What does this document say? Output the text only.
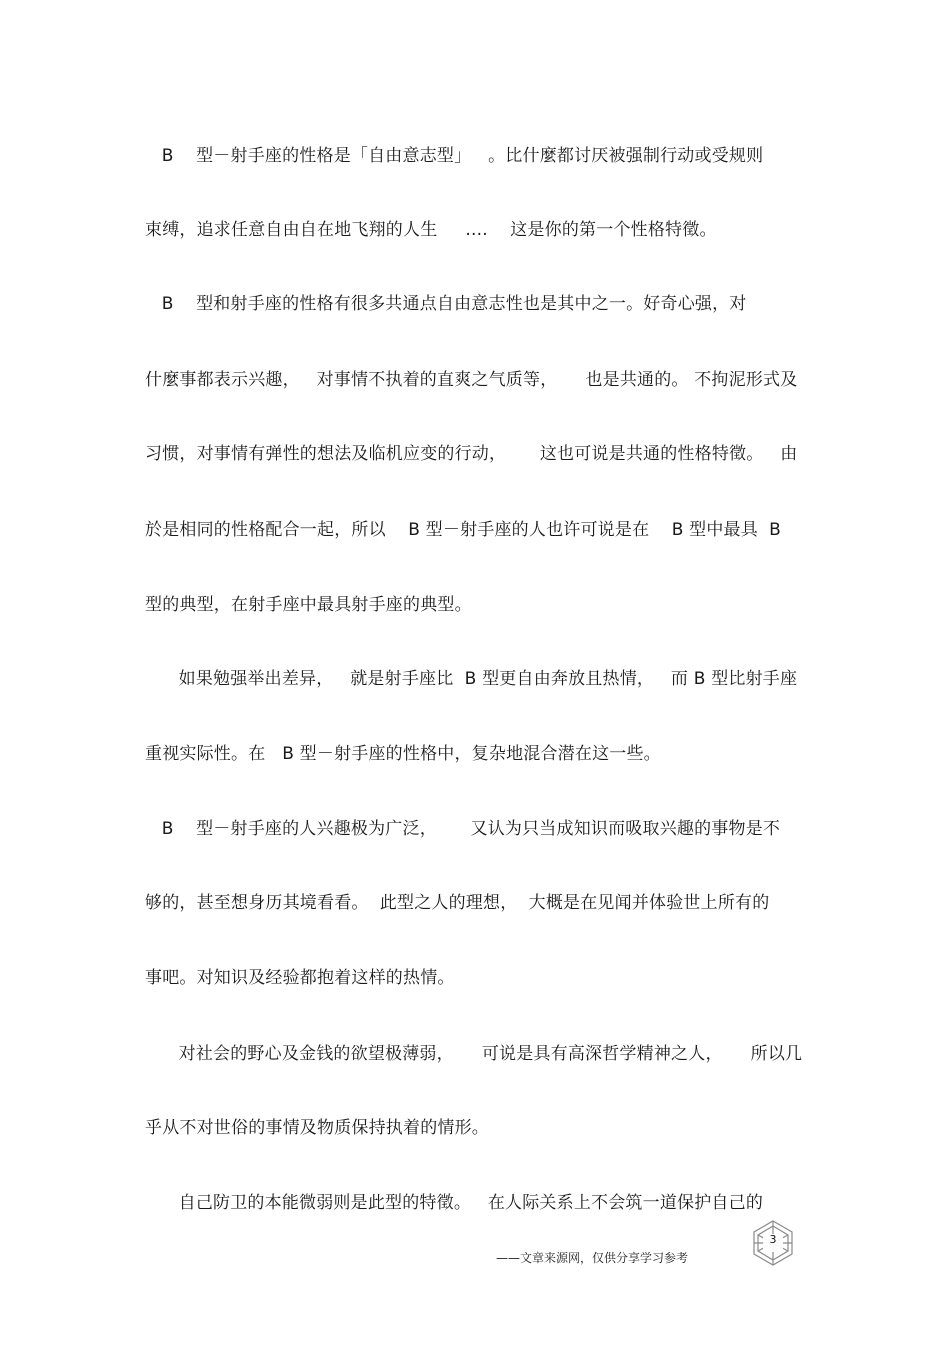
B    型－射手座的性格是「自由意志型」   。比什麼都讨厌被强制行动或受规则
束缚，追求任意自由自在地飞翔的人生     ....    这是你的第一个性格特徵。
B    型和射手座的性格有很多共通点自由意志性也是其中之一。好奇心强，对
什麼事都表示兴趣，   对事情不执着的直爽之气质等，     也是共通的。 不拘泥形式及
习惯，对事情有弹性的想法及临机应变的行动，      这也可说是共通的性格特徵。   由
於是相同的性格配合一起，所以    B 型－射手座的人也许可说是在    B 型中最具  B
型的典型，在射手座中最具射手座的典型。
如果勉强举出差异，   就是射手座比  B 型更自由奔放且热情，   而 B 型比射手座
重视实际性。在   B 型－射手座的性格中，复杂地混合潜在这一些。
B    型－射手座的人兴趣极为广泛，      又认为只当成知识而吸取兴趣的事物是不
够的，甚至想身历其境看看。  此型之人的理想，  大概是在见闻并体验世上所有的
事吧。对知识及经验都抱着这样的热情。
对社会的野心及金钱的欲望极薄弱，     可说是具有高深哲学精神之人，     所以几
乎从不对世俗的事情及物质保持执着的情形。
自己防卫的本能微弱则是此型的特徵。   在人际关系上不会筑一道保护自己的
——文章来源网，仅供分享学习参考
3
